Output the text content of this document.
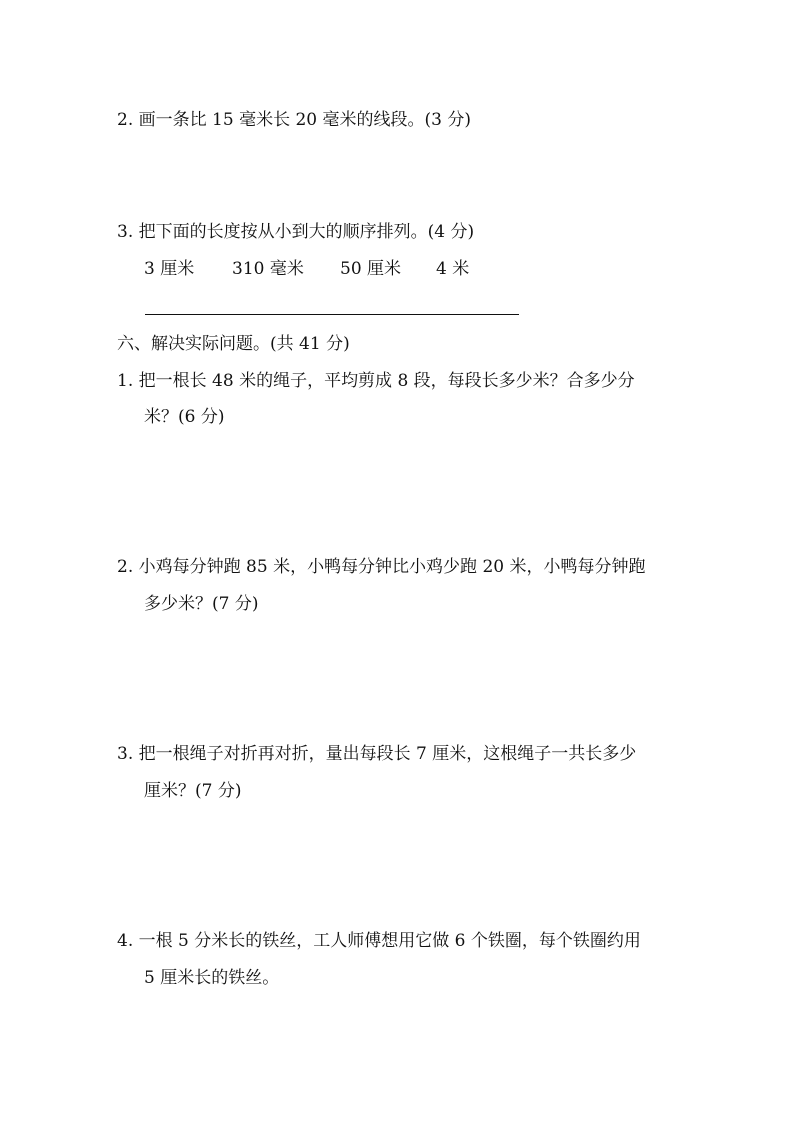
2. 画一条比 15 毫米长 20 毫米的线段。(3 分)
3. 把下面的长度按从小到大的顺序排列。(4 分)
3 厘米 310 毫米 50 厘米 4 米
六、解决实际问题。(共 41 分)
1. 把一根长 48 米的绳子，平均剪成 8 段，每段长多少米？合多少分
米？(6 分)
2. 小鸡每分钟跑 85 米，小鸭每分钟比小鸡少跑 20 米，小鸭每分钟跑
多少米？(7 分)
3. 把一根绳子对折再对折，量出每段长 7 厘米，这根绳子一共长多少
厘米？(7 分)
4. 一根 5 分米长的铁丝，工人师傅想用它做 6 个铁圈，每个铁圈约用
5 厘米长的铁丝。
